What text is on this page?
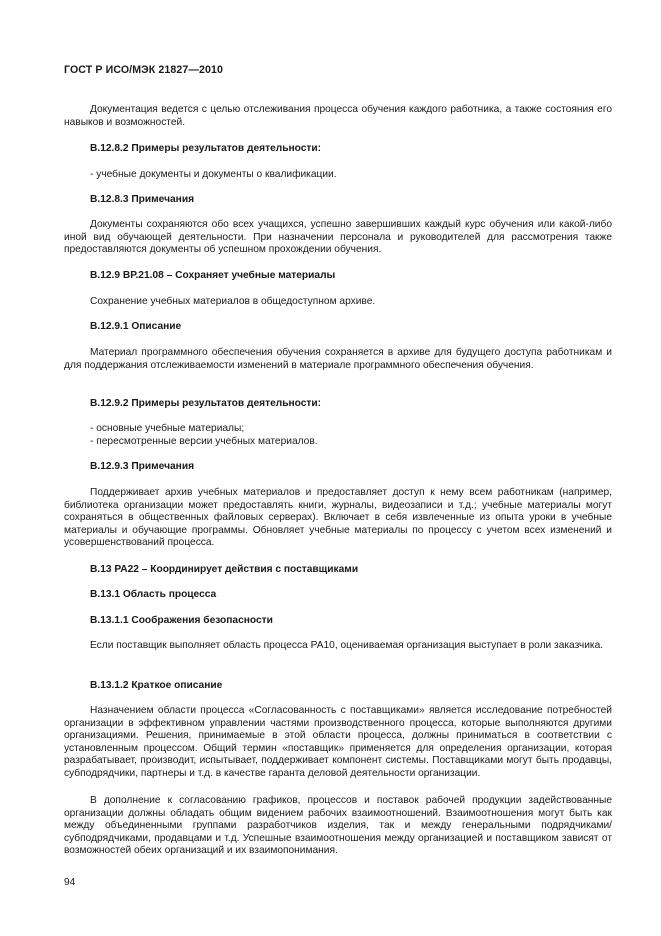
ГОСТ Р ИСО/МЭК 21827—2010

Документация ведется с целью отслеживания процесса обучения каждого работника, а также состояния его навыков и возможностей.

В.12.8.2 Примеры результатов деятельности:
- учебные документы и документы о квалификации.
В.12.8.3 Примечания

Документы сохраняются обо всех учащихся, успешно завершивших каждый курс обучения или какой-либо иной вид обучающей деятельности. При назначении персонала и руководителей для рассмотрения также предоставляются документы об успешном прохождении обучения.

В.12.9 ВР.21.08 – Сохраняет учебные материалы
Сохранение учебных материалов в общедоступном архиве.
В.12.9.1 Описание

Материал программного обеспечения обучения сохраняется в архиве для будущего доступа работникам и для поддержания отслеживаемости изменений в материале программного обеспечения обучения.

В.12.9.2 Примеры результатов деятельности:
- основные учебные материалы;
- пересмотренные версии учебных материалов.
В.12.9.3 Примечания

Поддерживает архив учебных материалов и предоставляет доступ к нему всем работникам (например, библиотека организации может предоставлять книги, журналы, видеозаписи и т.д.; учебные материалы могут сохраняться в общественных файловых серверах). Включает в себя извлеченные из опыта уроки в учебные материалы и обучающие программы. Обновляет учебные материалы по процессу с учетом всех изменений и усовершенствований процесса.

В.13 РА22 – Координирует действия с поставщиками
В.13.1 Область процесса
В.13.1.1 Соображения безопасности

Если поставщик выполняет область процесса РА10, оцениваемая организация выступает в роли заказчика.

В.13.1.2 Краткое описание

Назначением области процесса «Согласованность с поставщиками» является исследование потребностей организации в эффективном управлении частями производственного процесса, которые выполняются другими организациями. Решения, принимаемые в этой области процесса, должны приниматься в соответствии с установленным процессом. Общий термин «поставщик» применяется для определения организации, которая разрабатывает, производит, испытывает, поддерживает компонент системы. Поставщиками могут быть продавцы, субподрядчики, партнеры и т.д. в качестве гаранта деловой деятельности организации.

В дополнение к согласованию графиков, процессов и поставок рабочей продукции задействованные организации должны обладать общим видением рабочих взаимоотношений. Взаимоотношения могут быть как между объединенными группами разработчиков изделия, так и между генеральными подрядчиками/субподрядчиками, продавцами и т.д. Успешные взаимоотношения между организацией и поставщиком зависят от возможностей обеих организаций и их взаимопонимания.

94
